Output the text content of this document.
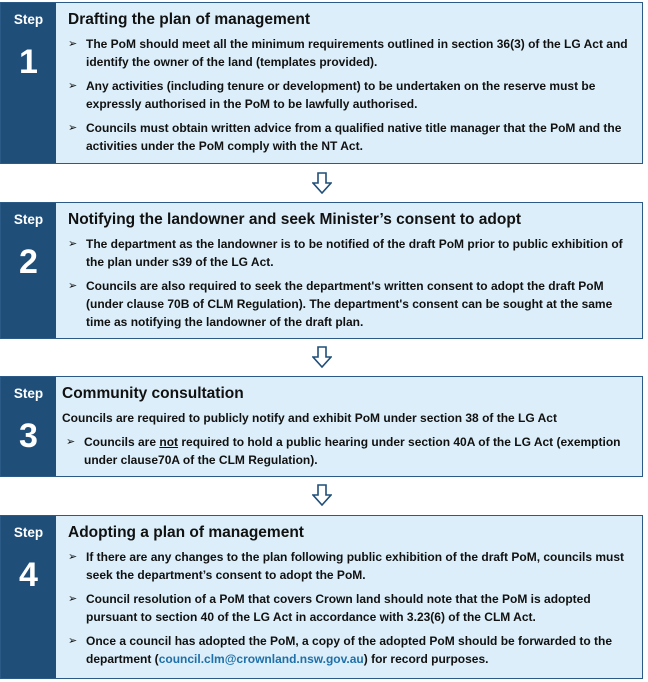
Step
1
Drafting the plan of management
➢ The PoM should meet all the minimum requirements outlined in section 36(3) of the LG Act and identify the owner of the land (templates provided).
➢ Any activities (including tenure or development) to be undertaken on the reserve must be expressly authorised in the PoM to be lawfully authorised.
➢ Councils must obtain written advice from a qualified native title manager that the PoM and the activities under the PoM comply with the NT Act.
Step
2
Notifying the landowner and seek Minister’s consent to adopt
➢ The department as the landowner is to be notified of the draft PoM prior to public exhibition of the plan under s39 of the LG Act.
➢ Councils are also required to seek the department's written consent to adopt the draft PoM (under clause 70B of CLM Regulation). The department's consent can be sought at the same time as notifying the landowner of the draft plan.
Step
3
Community consultation
Councils are required to publicly notify and exhibit PoM under section 38 of the LG Act
➢ Councils are not required to hold a public hearing under section 40A of the LG Act (exemption under clause70A of the CLM Regulation).
Step
4
Adopting a plan of management
➢ If there are any changes to the plan following public exhibition of the draft PoM, councils must seek the department’s consent to adopt the PoM.
➢ Council resolution of a PoM that covers Crown land should note that the PoM is adopted pursuant to section 40 of the LG Act in accordance with 3.23(6) of the CLM Act.
➢ Once a council has adopted the PoM, a copy of the adopted PoM should be forwarded to the department (council.clm@crownland.nsw.gov.au) for record purposes.
